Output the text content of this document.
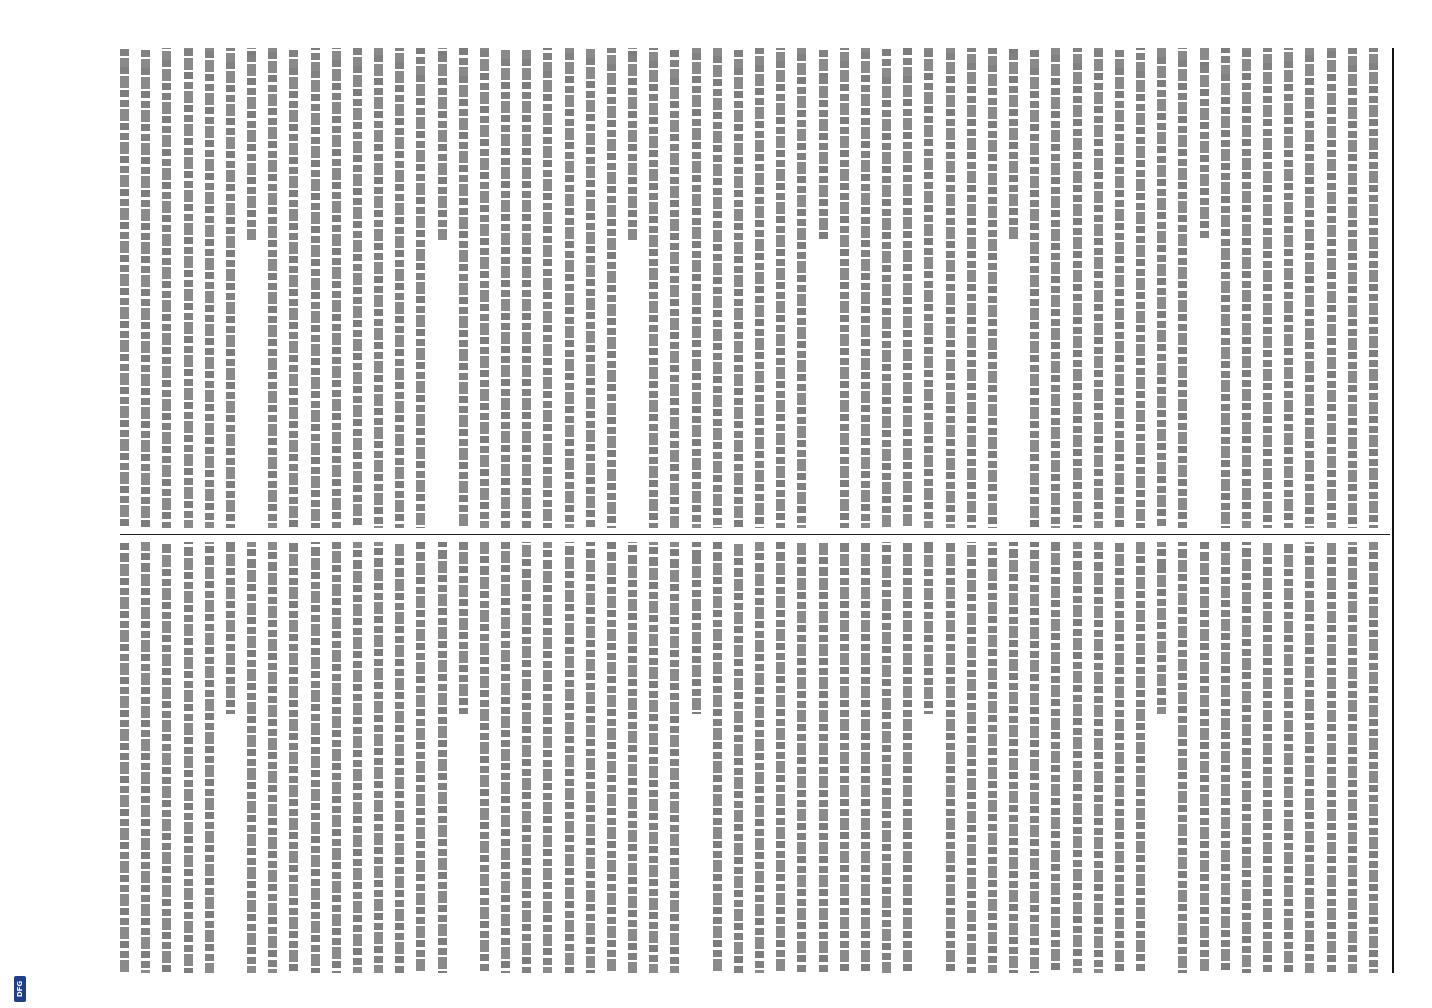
DFG
